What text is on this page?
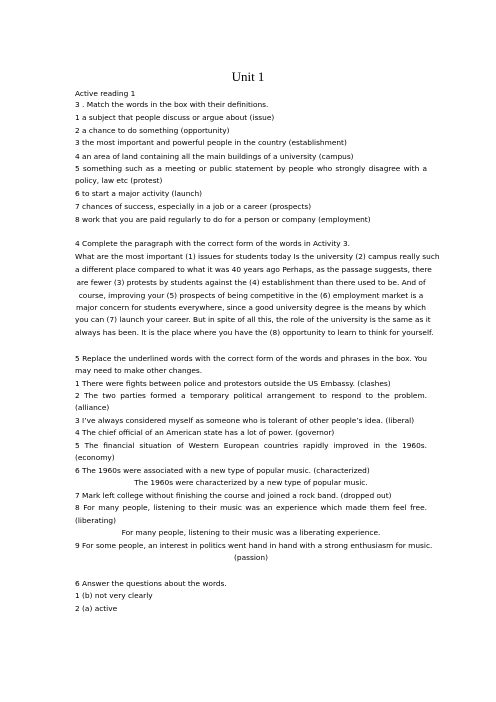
Unit 1
Active reading 1
3 . Match the words in the box with their definitions.
1 a subject that people discuss or argue about (issue)
2 a chance to do something (opportunity)
3 the most important and powerful people in the country (establishment)
4 an area of land containing all the main buildings of a university (campus)
5 something such as a meeting or public statement by people who strongly disagree with a
policy, law etc (protest)
6 to start a major activity (launch)
7 chances of success, especially in a job or a career (prospects)
8 work that you are paid regularly to do for a person or company (employment)
4 Complete the paragraph with the correct form of the words in Activity 3.
What are the most important (1) issues for students today Is the university (2) campus really such
a different place compared to what it was 40 years ago Perhaps, as the passage suggests, there
are fewer (3) protests by students against the (4) establishment than there used to be. And of
course, improving your (5) prospects of being competitive in the (6) employment market is a
major concern for students everywhere, since a good university degree is the means by which
you can (7) launch your career. But in spite of all this, the role of the university is the same as it
always has been. It is the place where you have the (8) opportunity to learn to think for yourself.
5 Replace the underlined words with the correct form of the words and phrases in the box. You
may need to make other changes.
1 There were fights between police and protestors outside the US Embassy. (clashes)
2 The two parties formed a temporary political arrangement to respond to the problem.
(alliance)
3 I’ve always considered myself as someone who is tolerant of other people’s idea. (liberal)
4 The chief official of an American state has a lot of power. (governor)
5 The financial situation of Western European countries rapidly improved in the 1960s.
(economy)
6 The 1960s were associated with a new type of popular music. (characterized)
The 1960s were characterized by a new type of popular music.
7 Mark left college without finishing the course and joined a rock band. (dropped out)
8 For many people, listening to their music was an experience which made them feel free.
(liberating)
For many people, listening to their music was a liberating experience.
9 For some people, an interest in politics went hand in hand with a strong enthusiasm for music.
(passion)
6 Answer the questions about the words.
1 (b) not very clearly
2 (a) active
